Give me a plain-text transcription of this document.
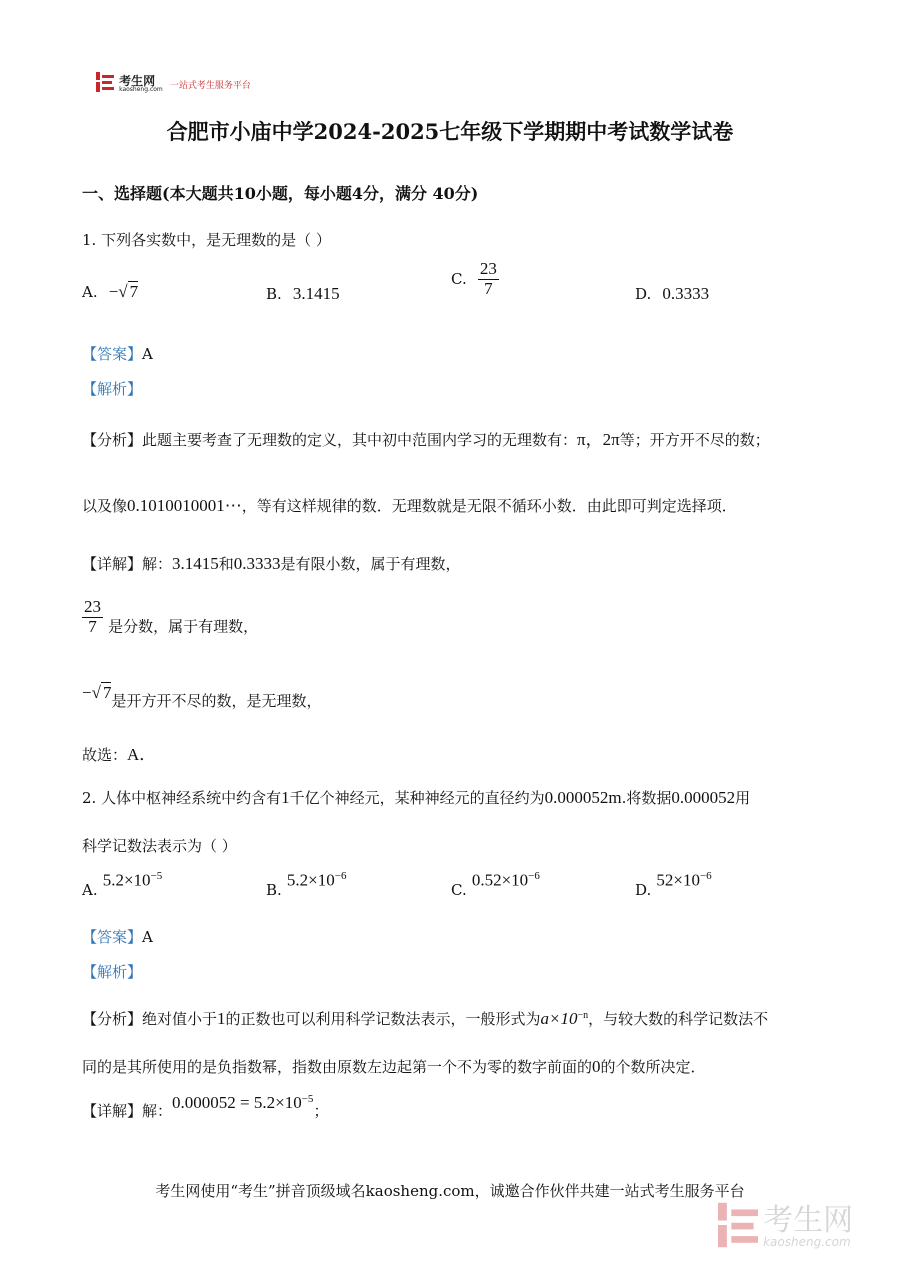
考生网
kaosheng.com 一站式考生服务平台
合肥市小庙中学2024-2025七年级下学期期中考试数学试卷
一、选择题(本大题共10小题，每小题4分，满分 40分)
1. 下列各实数中，是无理数的是（ ）
A. −√ 7	B. 3.1415
C. $\frac{23}{7}$	D. 0.3333
【答案】A
【解析】
【分析】此题主要考查了无理数的定义，其中初中范围内学习的无理数有：π，2π等；开方开不尽的数；
以及像0.1010010001⋯，等有这样规律的数．无理数就是无限不循环小数．由此即可判定选择项．
【详解】解：3.1415和0.3333是有限小数，属于有理数，
$\frac{23}{7}$ 是分数，属于有理数，
−√ 7是开方开不尽的数，是无理数，
故选：A．
2. 人体中枢神经系统中约含有1千亿个神经元，某种神经元的直径约为0.000052m.将数据0.000052用
科学记数法表示为（ ）
A. $5.2\times 10^{-5}$
B. $5.2\times 10^{-6}$
C. $0.52\times 10^{-6}$
D. $52\times 10^{-6}$
【答案】A
【解析】
【分析】绝对值小于1的正数也可以利用科学记数法表示，一般形式为$a\times 10^{-n}$，与较大数的科学记数法不
同的是其所使用的是负指数幂，指数由原数左边起第一个不为零的数字前面的0的个数所决定．
【详解】解：$0.000052 = 5.2\times 10^{-5}$；
考生网使用“考生”拼音顶级域名kaosheng.com，诚邀合作伙伴共建一站式考生服务平台

考生网
kaosheng.com
